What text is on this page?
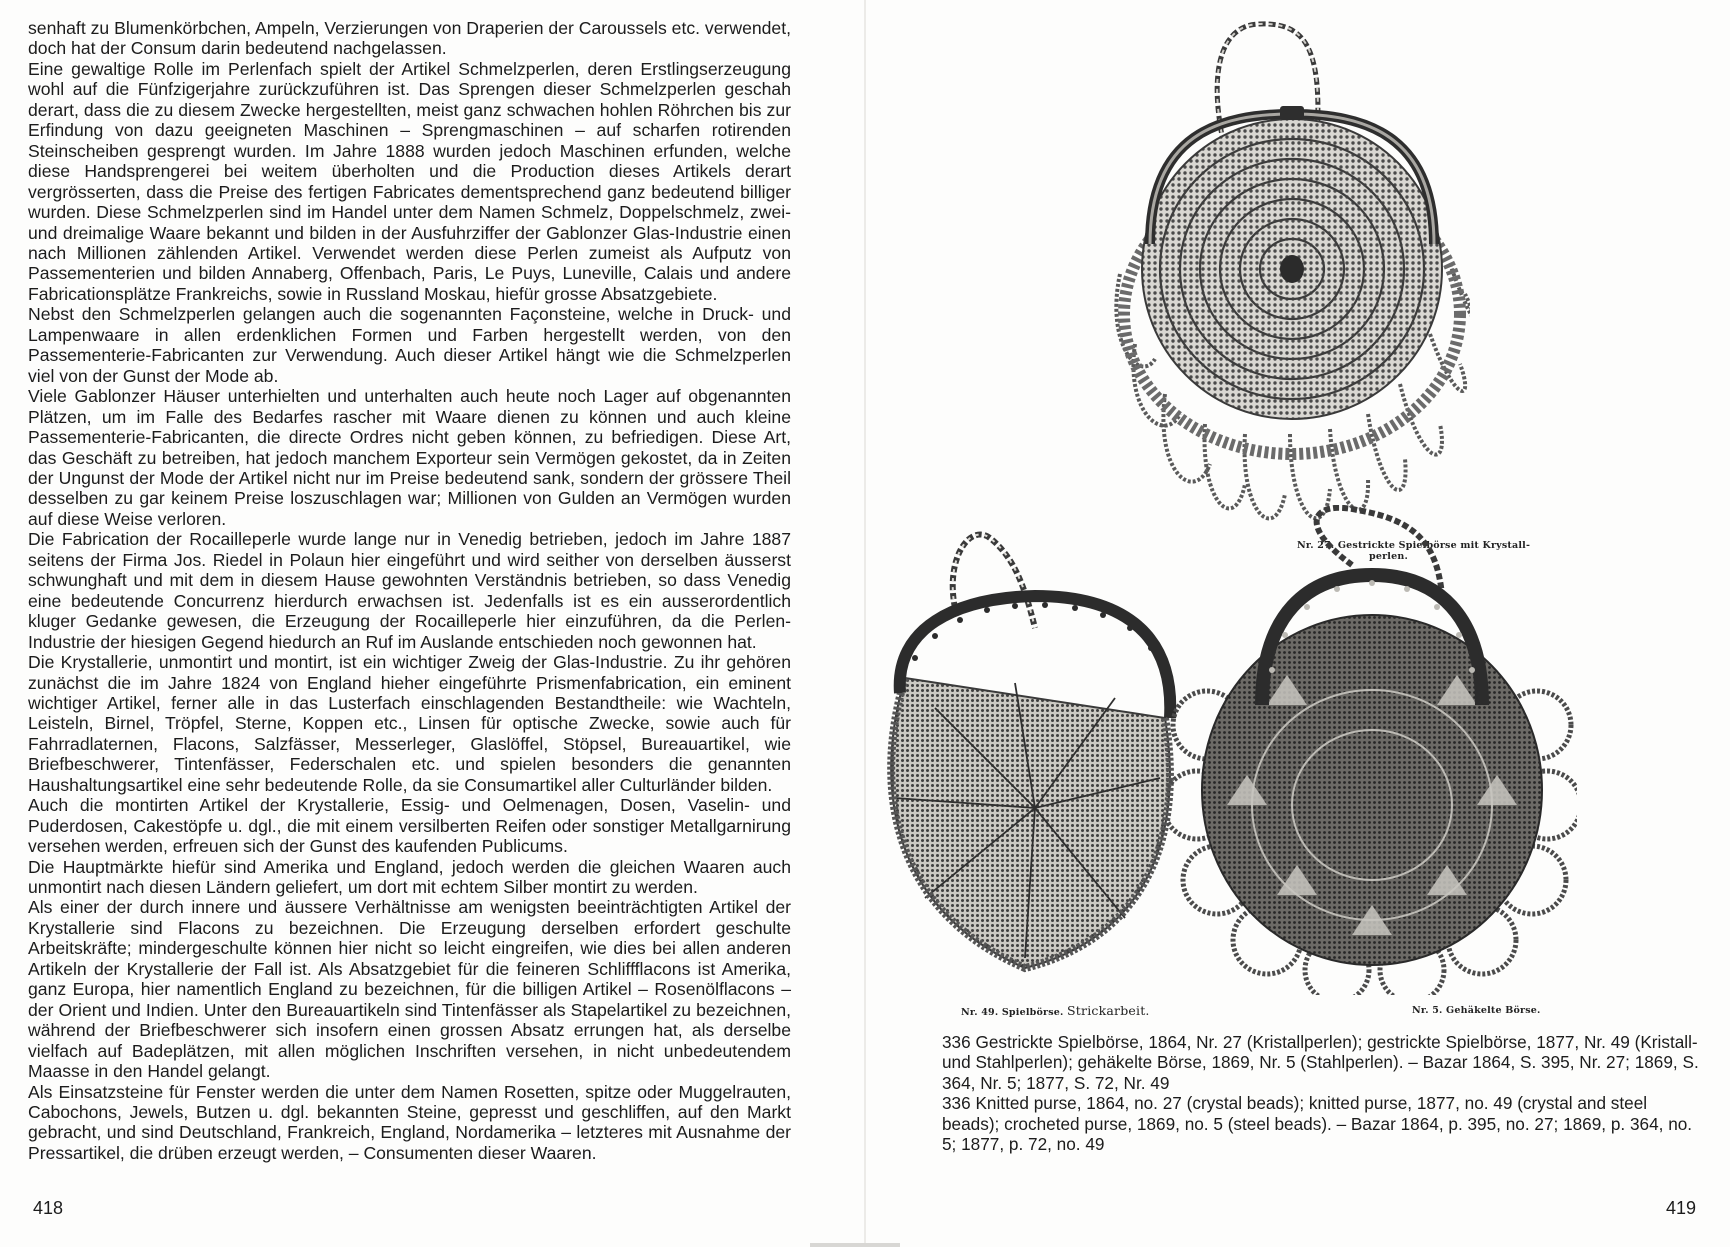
senhaft zu Blumenkörbchen, Ampeln, Verzierungen von Draperien der Caroussels etc. verwendet, doch hat der Consum darin bedeutend nachgelassen.

Eine gewaltige Rolle im Perlenfach spielt der Artikel Schmelzperlen, deren Erstlingserzeugung wohl auf die Fünfzigerjahre zurückzuführen ist. Das Sprengen dieser Schmelzperlen geschah derart, dass die zu diesem Zwecke hergestellten, meist ganz schwachen hohlen Röhrchen bis zur Erfindung von dazu geeigneten Maschinen – Sprengmaschinen – auf scharfen rotirenden Steinscheiben gesprengt wurden. Im Jahre 1888 wurden jedoch Maschinen erfunden, welche diese Handsprengerei bei weitem überholten und die Production dieses Artikels derart vergrösserten, dass die Preise des fertigen Fabricates dementsprechend ganz bedeutend billiger wurden. Diese Schmelzperlen sind im Handel unter dem Namen Schmelz, Doppelschmelz, zwei- und dreimalige Waare bekannt und bilden in der Ausfuhrziffer der Gablonzer Glas-Industrie einen nach Millionen zählenden Artikel. Verwendet werden diese Perlen zumeist als Aufputz von Passementerien und bilden Annaberg, Offenbach, Paris, Le Puys, Luneville, Calais und andere Fabricationsplätze Frankreichs, sowie in Russland Moskau, hiefür grosse Absatzgebiete.

Nebst den Schmelzperlen gelangen auch die sogenannten Façonsteine, welche in Druck- und Lampenwaare in allen erdenklichen Formen und Farben hergestellt werden, von den Passementerie-Fabricanten zur Verwendung. Auch dieser Artikel hängt wie die Schmelzperlen viel von der Gunst der Mode ab.

Viele Gablonzer Häuser unterhielten und unterhalten auch heute noch Lager auf obgenannten Plätzen, um im Falle des Bedarfes rascher mit Waare dienen zu können und auch kleine Passementerie-Fabricanten, die directe Ordres nicht geben können, zu befriedigen. Diese Art, das Geschäft zu betreiben, hat jedoch manchem Exporteur sein Vermögen gekostet, da in Zeiten der Ungunst der Mode der Artikel nicht nur im Preise bedeutend sank, sondern der grössere Theil desselben zu gar keinem Preise loszuschlagen war; Millionen von Gulden an Vermögen wurden auf diese Weise verloren.

Die Fabrication der Rocailleperle wurde lange nur in Venedig betrieben, jedoch im Jahre 1887 seitens der Firma Jos. Riedel in Polaun hier eingeführt und wird seither von derselben äusserst schwunghaft und mit dem in diesem Hause gewohnten Verständnis betrieben, so dass Venedig eine bedeutende Concurrenz hierdurch erwachsen ist. Jedenfalls ist es ein ausserordentlich kluger Gedanke gewesen, die Erzeugung der Rocailleperle hier einzuführen, da die Perlen-Industrie der hiesigen Gegend hiedurch an Ruf im Auslande entschieden noch gewonnen hat.

Die Krystallerie, unmontirt und montirt, ist ein wichtiger Zweig der Glas-Industrie. Zu ihr gehören zunächst die im Jahre 1824 von England hieher eingeführte Prismenfabrication, ein eminent wichtiger Artikel, ferner alle in das Lusterfach einschlagenden Bestandtheile: wie Wachteln, Leisteln, Birnel, Tröpfel, Sterne, Koppen etc., Linsen für optische Zwecke, sowie auch für Fahrradlaternen, Flacons, Salzfässer, Messerleger, Glaslöffel, Stöpsel, Bureauartikel, wie Briefbeschwerer, Tintenfässer, Federschalen etc. und spielen besonders die genannten Haushaltungsartikel eine sehr bedeutende Rolle, da sie Consumartikel aller Culturländer bilden.

Auch die montirten Artikel der Krystallerie, Essig- und Oelmenagen, Dosen, Vaselin- und Puderdosen, Cakestöpfe u. dgl., die mit einem versilberten Reifen oder sonstiger Metallgarnirung versehen werden, erfreuen sich der Gunst des kaufenden Publicums.

Die Hauptmärkte hiefür sind Amerika und England, jedoch werden die gleichen Waaren auch unmontirt nach diesen Ländern geliefert, um dort mit echtem Silber montirt zu werden.

Als einer der durch innere und äussere Verhältnisse am wenigsten beeinträchtigten Artikel der Krystallerie sind Flacons zu bezeichnen. Die Erzeugung derselben erfordert geschulte Arbeitskräfte; mindergeschulte können hier nicht so leicht eingreifen, wie dies bei allen anderen Artikeln der Krystallerie der Fall ist. Als Absatzgebiet für die feineren Schliffflacons ist Amerika, ganz Europa, hier namentlich England zu bezeichnen, für die billigen Artikel – Rosenölflacons – der Orient und Indien. Unter den Bureauartikeln sind Tintenfässer als Stapelartikel zu bezeichnen, während der Briefbeschwerer sich insofern einen grossen Absatz errungen hat, als derselbe vielfach auf Badeplätzen, mit allen möglichen Inschriften versehen, in nicht unbedeutendem Maasse in den Handel gelangt.

Als Einsatzsteine für Fenster werden die unter dem Namen Rosetten, spitze oder Muggelrauten, Cabochons, Jewels, Butzen u. dgl. bekannten Steine, gepresst und geschliffen, auf den Markt gebracht, und sind Deutschland, Frankreich, England, Nordamerika – letzteres mit Ausnahme der Pressartikel, die drüben erzeugt werden, – Consumenten dieser Waaren.

418
Nr. 27. Gestrickte Spielbörse mit Krystall-
perlen.
Nr. 49. Spielbörse. Strickarbeit.	Nr. 5. Gehäkelte Börse.

336 Gestrickte Spielbörse, 1864, Nr. 27 (Kristallperlen); gestrickte Spielbörse, 1877, Nr. 49 (Kristall- und Stahlperlen); gehäkelte Börse, 1869, Nr. 5 (Stahlperlen). – Bazar 1864, S. 395, Nr. 27; 1869, S. 364, Nr. 5; 1877, S. 72, Nr. 49

336 Knitted purse, 1864, no. 27 (crystal beads); knitted purse, 1877, no. 49 (crystal and steel beads); crocheted purse, 1869, no. 5 (steel beads). – Bazar 1864, p. 395, no. 27; 1869, p. 364, no. 5; 1877, p. 72, no. 49

419
